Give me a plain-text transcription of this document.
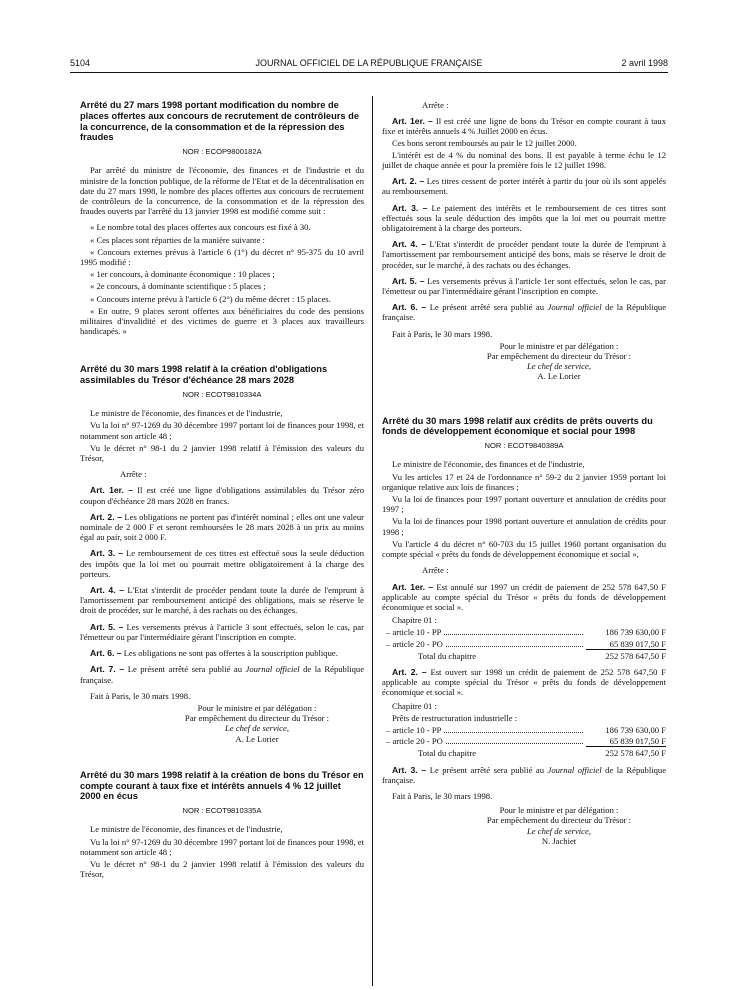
5104	JOURNAL OFFICIEL DE LA RÉPUBLIQUE FRANÇAISE	2 avril 1998
Arrêté du 27 mars 1998 portant modification du nombre de places offertes aux concours de recrutement de contrôleurs de la concurrence, de la consommation et de la répression des fraudes
NOR : ECOP9800182A

Par arrêté du ministre de l'économie, des finances et de l'industrie et du ministre de la fonction publique, de la réforme de l'Etat et de la décentralisation en date du 27 mars 1998, le nombre des places offertes aux concours de recrutement de contrôleurs de la concurrence, de la consommation et de la répression des fraudes ouverts par l'arrêté du 13 janvier 1998 est modifié comme suit :

« Le nombre total des places offertes aux concours est fixé à 30.

« Ces places sont réparties de la manière suivante :

« Concours externes prévus à l'article 6 (1°) du décret n° 95-375 du 10 avril 1995 modifié :

« 1er concours, à dominante économique : 10 places ;

« 2e concours, à dominante scientifique : 5 places ;

« Concours interne prévu à l'article 6 (2°) du même décret : 15 places.

« En outre, 9 places seront offertes aux bénéficiaires du code des pensions militaires d'invalidité et des victimes de guerre et 3 places aux travailleurs handicapés. »

Arrêté du 30 mars 1998 relatif à la création d'obligations assimilables du Trésor d'échéance 28 mars 2028
NOR : ECOT9810334A

Le ministre de l'économie, des finances et de l'industrie,

Vu la loi n° 97-1269 du 30 décembre 1997 portant loi de finances pour 1998, et notamment son article 48 ;

Vu le décret n° 98-1 du 2 janvier 1998 relatif à l'émission des valeurs du Trésor,

Arrête :
Art. 1er. – Il est créé une ligne d'obligations assimilables du Trésor zéro coupon d'échéance 28 mars 2028 en francs.
Art. 2. – Les obligations ne portent pas d'intérêt nominal ; elles ont une valeur nominale de 2 000 F et seront remboursées le 28 mars 2028 à un prix au moins égal au pair, soit 2 000 F.
Art. 3. – Le remboursement de ces titres est effectué sous la seule déduction des impôts que la loi met ou pourrait mettre obligatoirement à la charge des porteurs.
Art. 4. – L'Etat s'interdit de procéder pendant toute la durée de l'emprunt à l'amortissement par remboursement anticipé des obligations, mais se réserve le droit de procéder, sur le marché, à des rachats ou des échanges.
Art. 5. – Les versements prévus à l'article 3 sont effectués, selon le cas, par l'émetteur ou par l'intermédiaire gérant l'inscription en compte.
Art. 6. – Les obligations ne sont pas offertes à la souscription publique.
Art. 7. – Le présent arrêté sera publié au Journal officiel de la République française.

Fait à Paris, le 30 mars 1998.

Pour le ministre et par délégation :

Par empêchement du directeur du Trésor :

Le chef de service,

A. Le Lorier

Arrêté du 30 mars 1998 relatif à la création de bons du Trésor en compte courant à taux fixe et intérêts annuels 4 % 12 juillet 2000 en écus
NOR : ECOT9810335A

Le ministre de l'économie, des finances et de l'industrie,

Vu la loi n° 97-1269 du 30 décembre 1997 portant loi de finances pour 1998, et notamment son article 48 ;

Vu le décret n° 98-1 du 2 janvier 1998 relatif à l'émission des valeurs du Trésor,

Arrête :
Art. 1er. – Il est créé une ligne de bons du Trésor en compte courant à taux fixe et intérêts annuels 4 % Juillet 2000 en écus.

Ces bons seront remboursés au pair le 12 juillet 2000.

L'intérêt est de 4 % du nominal des bons. Il est payable à terme échu le 12 juillet de chaque année et pour la première fois le 12 juillet 1998.

Art. 2. – Les titres cessent de porter intérêt à partir du jour où ils sont appelés au remboursement.
Art. 3. – Le paiement des intérêts et le remboursement de ces titres sont effectués sous la seule déduction des impôts que la loi met ou pourrait mettre obligatoirement à la charge des porteurs.
Art. 4. – L'Etat s'interdit de procéder pendant toute la durée de l'emprunt à l'amortissement par remboursement anticipé des bons, mais se réserve le droit de procéder, sur le marché, à des rachats ou des échanges.
Art. 5. – Les versements prévus à l'article 1er sont effectués, selon le cas, par l'émetteur ou par l'intermédiaire gérant l'inscription en compte.
Art. 6. – Le présent arrêté sera publié au Journal officiel de la République française.

Fait à Paris, le 30 mars 1998.

Pour le ministre et par délégation :

Par empêchement du directeur du Trésor :

Le chef de service,

A. Le Lorier

Arrêté du 30 mars 1998 relatif aux crédits de prêts ouverts du fonds de développement économique et social pour 1998
NOR : ECOT9840389A

Le ministre de l'économie, des finances et de l'industrie,

Vu les articles 17 et 24 de l'ordonnance n° 59-2 du 2 janvier 1959 portant loi organique relative aux lois de finances ;

Vu la loi de finances pour 1997 portant ouverture et annulation de crédits pour 1997 ;

Vu la loi de finances pour 1998 portant ouverture et annulation de crédits pour 1998 ;

Vu l'article 4 du décret n° 60-703 du 15 juillet 1960 portant organisation du compte spécial « prêts du fonds de développement économique et social »,

Arrête :
Art. 1er. – Est annulé sur 1997 un crédit de paiement de 252 578 647,50 F applicable au compte spécial du Trésor « prêts du fonds de développement économique et social ».
Chapitre 01 :
– article 10 - PP	186 739 630,00 F
– article 20 - PO	65 839 017,50 F
Total du chapitre	252 578 647,50 F
Art. 2. – Est ouvert sur 1998 un crédit de paiement de 252 578 647,50 F applicable au compte spécial du Trésor « prêts du fonds de développement économique et social ».
Chapitre 01 :
Prêts de restructuration industrielle :
– article 10 - PP	186 739 630,00 F
– article 20 - PO	65 839 017,50 F
Total du chapitre	252 578 647,50 F
Art. 3. – Le présent arrêté sera publié au Journal officiel de la République française.

Fait à Paris, le 30 mars 1998.

Pour le ministre et par délégation :

Par empêchement du directeur du Trésor :

Le chef de service,

N. Jachiet
